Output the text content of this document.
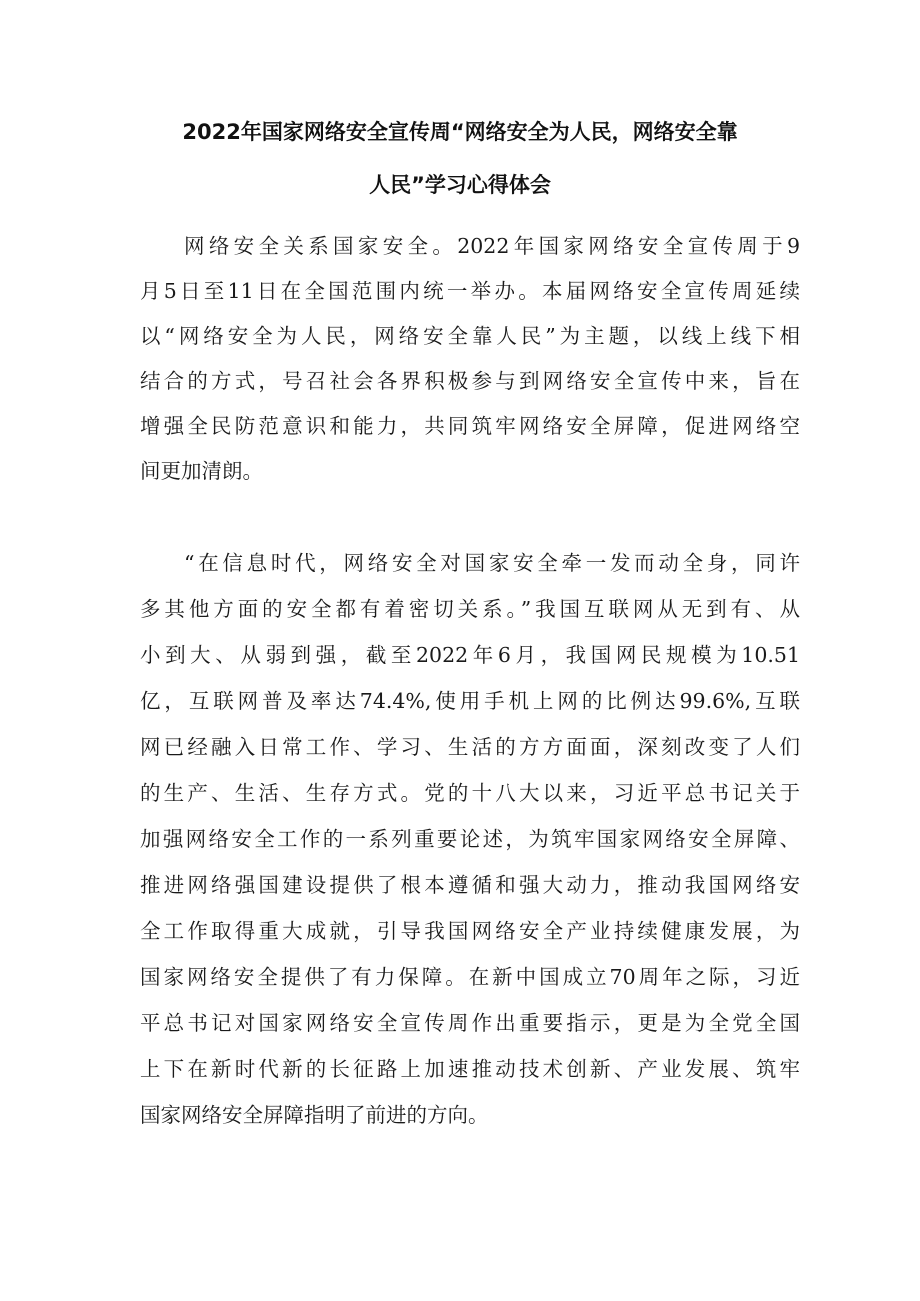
2022年国家网络安全宣传周“网络安全为人民，网络安全靠
人民”学习心得体会
网络安全关系国家安全。2022年国家网络安全宣传周于9
月5日至11日在全国范围内统一举办。本届网络安全宣传周延续
以“网络安全为人民，网络安全靠人民”为主题，以线上线下相
结合的方式，号召社会各界积极参与到网络安全宣传中来，旨在
增强全民防范意识和能力，共同筑牢网络安全屏障，促进网络空
间更加清朗。
“在信息时代，网络安全对国家安全牵一发而动全身，同许
多其他方面的安全都有着密切关系。”我国互联网从无到有、从
小到大、从弱到强，截至2022年6月，我国网民规模为10.51
亿，互联网普及率达74.4%,使用手机上网的比例达99.6%,互联
网已经融入日常工作、学习、生活的方方面面，深刻改变了人们
的生产、生活、生存方式。党的十八大以来，习近平总书记关于
加强网络安全工作的一系列重要论述，为筑牢国家网络安全屏障、
推进网络强国建设提供了根本遵循和强大动力，推动我国网络安
全工作取得重大成就，引导我国网络安全产业持续健康发展，为
国家网络安全提供了有力保障。在新中国成立70周年之际，习近
平总书记对国家网络安全宣传周作出重要指示，更是为全党全国
上下在新时代新的长征路上加速推动技术创新、产业发展、筑牢
国家网络安全屏障指明了前进的方向。
